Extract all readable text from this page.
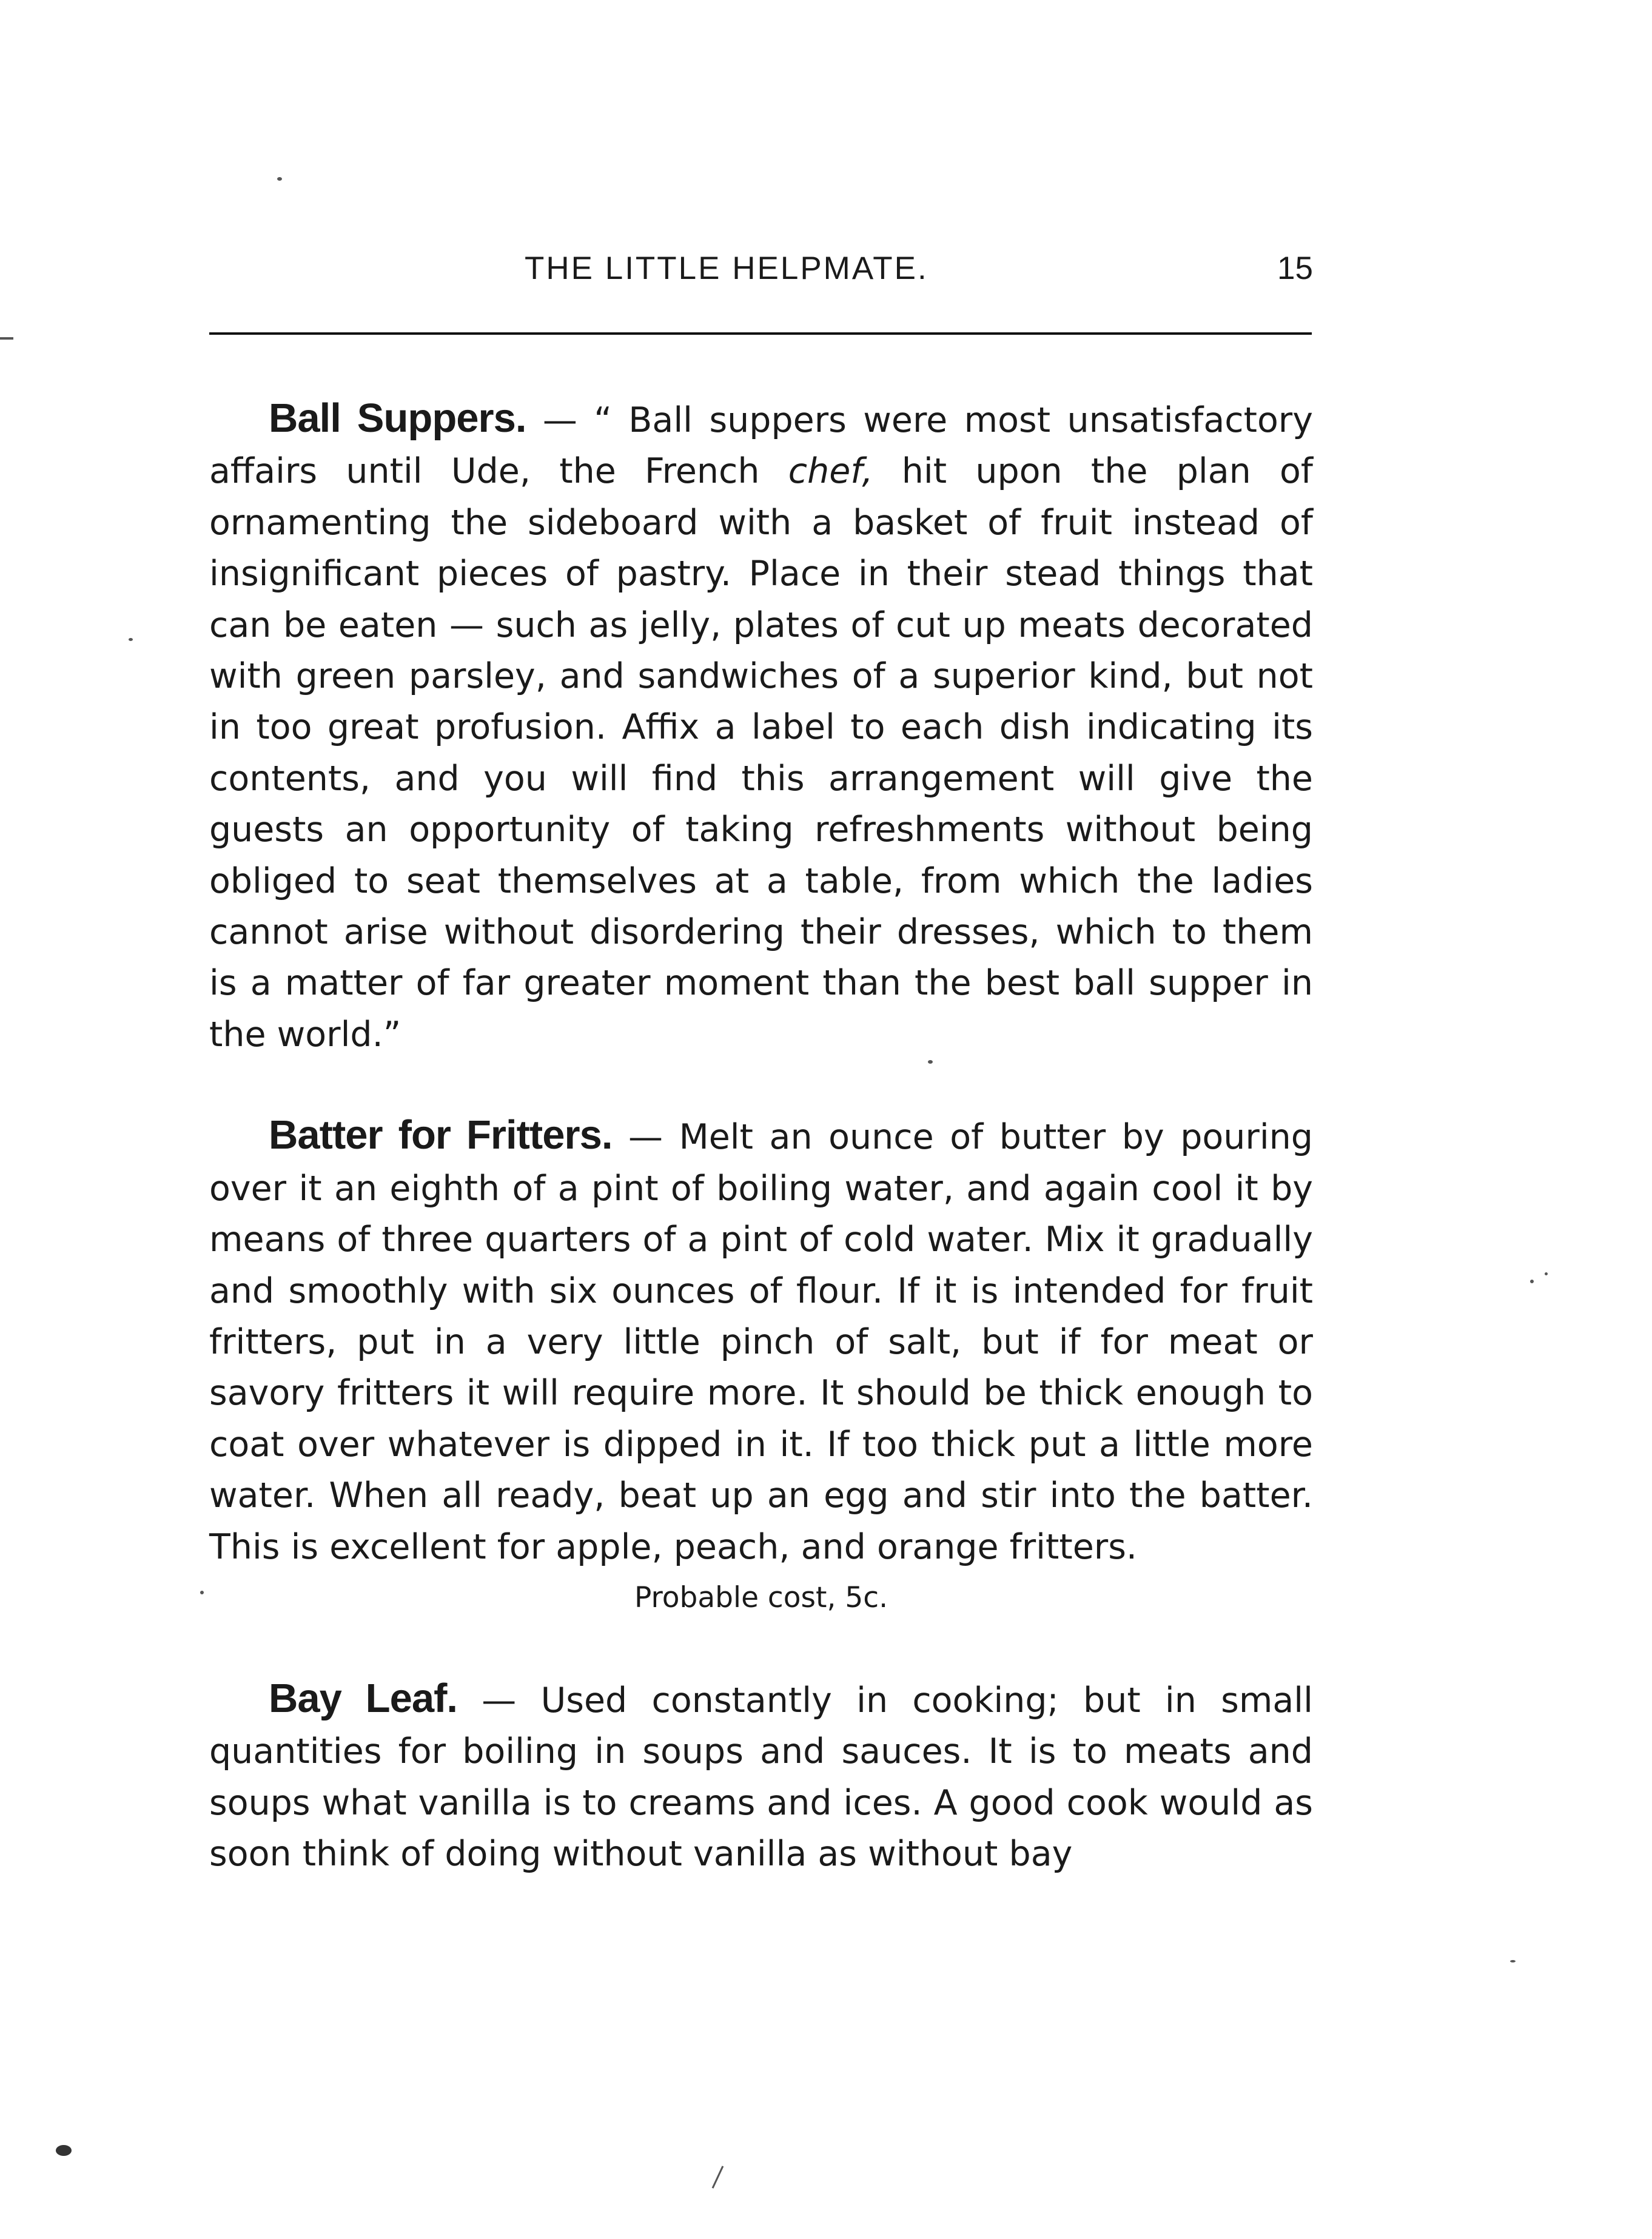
THE LITTLE HELPMATE.	15

Ball Suppers. — “ Ball suppers were most unsatisfactory affairs until Ude, the French chef, hit upon the plan of ornamenting the sideboard with a basket of fruit instead of insignificant pieces of pastry. Place in their stead things that can be eaten — such as jelly, plates of cut up meats decorated with green parsley, and sandwiches of a superior kind, but not in too great profusion. Affix a label to each dish indicating its contents, and you will find this arrangement will give the guests an opportunity of taking refreshments without being obliged to seat themselves at a table, from which the ladies cannot arise without disordering their dresses, which to them is a matter of far greater moment than the best ball supper in the world.”

Batter for Fritters. — Melt an ounce of butter by pouring over it an eighth of a pint of boiling water, and again cool it by means of three quarters of a pint of cold water. Mix it gradually and smoothly with six ounces of flour. If it is intended for fruit fritters, put in a very little pinch of salt, but if for meat or savory fritters it will require more. It should be thick enough to coat over whatever is dipped in it. If too thick put a little more water. When all ready, beat up an egg and stir into the batter. This is excellent for apple, peach, and orange fritters.
Probable cost, 5c.

Bay Leaf. — Used constantly in cooking; but in small quantities for boiling in soups and sauces. It is to meats and soups what vanilla is to creams and ices. A good cook would as soon think of doing without vanilla as without bay
